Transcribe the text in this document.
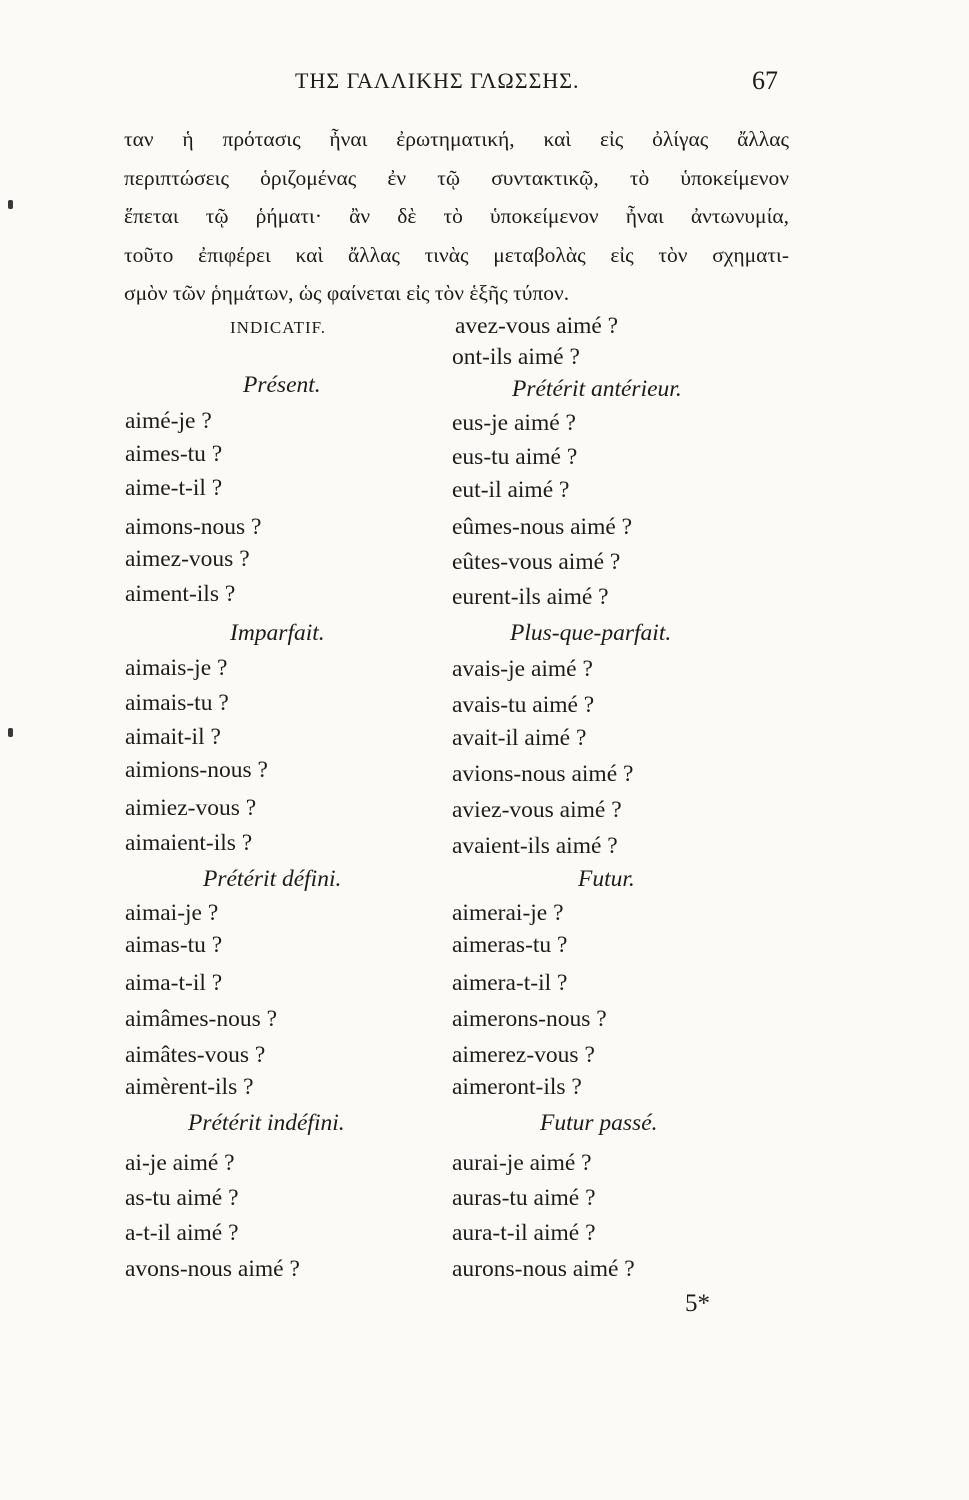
ΤΗΣ ΓΑΛΛΙΚΗΣ ΓΛΩΣΣΗΣ.	67
ταν ἡ πρότασις ἦναι ἐρωτηματική, καὶ εἰς ὀλίγας ἄλλας
περιπτώσεις ὁριζομένας ἐν τῷ συντακτικῷ, τὸ ὑποκείμενον
ἕπεται τῷ ῥήματι· ἂν δὲ τὸ ὑποκείμενον ἦναι ἀντωνυμία,
τοῦτο ἐπιφέρει καὶ ἄλλας τινὰς μεταβολὰς εἰς τὸν σχηματι-
σμὸν τῶν ῥημάτων, ὡς φαίνεται εἰς τὸν ἑξῆς τύπον.
INDICATIF.
Présent.
aimé-je ?
aimes-tu ?
aime-t-il ?
aimons-nous ?
aimez-vous ?
aiment-ils ?
Imparfait.
aimais-je ?
aimais-tu ?
aimait-il ?
aimions-nous ?
aimiez-vous ?
aimaient-ils ?
Prétérit défini.
aimai-je ?
aimas-tu ?
aima-t-il ?
aimâmes-nous ?
aimâtes-vous ?
aimèrent-ils ?
Prétérit indéfini.
ai-je aimé ?
as-tu aimé ?
a-t-il aimé ?
avons-nous aimé ?
avez-vous aimé ?
ont-ils aimé ?
Prétérit antérieur.
eus-je aimé ?
eus-tu aimé ?
eut-il aimé ?
eûmes-nous aimé ?
eûtes-vous aimé ?
eurent-ils aimé ?
Plus-que-parfait.
avais-je aimé ?
avais-tu aimé ?
avait-il aimé ?
avions-nous aimé ?
aviez-vous aimé ?
avaient-ils aimé ?
Futur.
aimerai-je ?
aimeras-tu ?
aimera-t-il ?
aimerons-nous ?
aimerez-vous ?
aimeront-ils ?
Futur passé.
aurai-je aimé ?
auras-tu aimé ?
aura-t-il aimé ?
aurons-nous aimé ?
5*
